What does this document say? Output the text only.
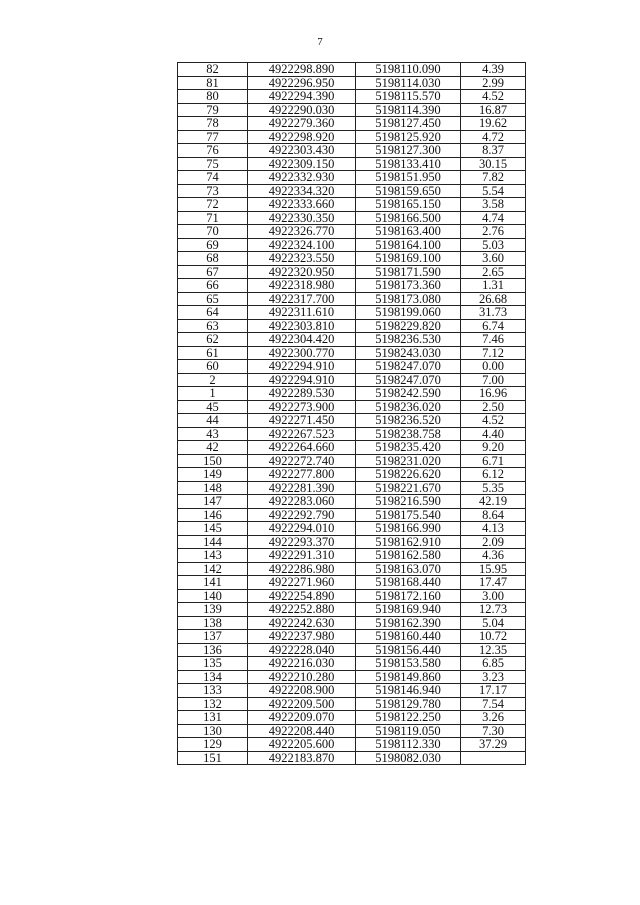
7
82	4922298.890	5198110.090	4.39
81	4922296.950	5198114.030	2.99
80	4922294.390	5198115.570	4.52
79	4922290.030	5198114.390	16.87
78	4922279.360	5198127.450	19.62
77	4922298.920	5198125.920	4.72
76	4922303.430	5198127.300	8.37
75	4922309.150	5198133.410	30.15
74	4922332.930	5198151.950	7.82
73	4922334.320	5198159.650	5.54
72	4922333.660	5198165.150	3.58
71	4922330.350	5198166.500	4.74
70	4922326.770	5198163.400	2.76
69	4922324.100	5198164.100	5.03
68	4922323.550	5198169.100	3.60
67	4922320.950	5198171.590	2.65
66	4922318.980	5198173.360	1.31
65	4922317.700	5198173.080	26.68
64	4922311.610	5198199.060	31.73
63	4922303.810	5198229.820	6.74
62	4922304.420	5198236.530	7.46
61	4922300.770	5198243.030	7.12
60	4922294.910	5198247.070	0.00
2	4922294.910	5198247.070	7.00
1	4922289.530	5198242.590	16.96
45	4922273.900	5198236.020	2.50
44	4922271.450	5198236.520	4.52
43	4922267.523	5198238.758	4.40
42	4922264.660	5198235.420	9.20
150	4922272.740	5198231.020	6.71
149	4922277.800	5198226.620	6.12
148	4922281.390	5198221.670	5.35
147	4922283.060	5198216.590	42.19
146	4922292.790	5198175.540	8.64
145	4922294.010	5198166.990	4.13
144	4922293.370	5198162.910	2.09
143	4922291.310	5198162.580	4.36
142	4922286.980	5198163.070	15.95
141	4922271.960	5198168.440	17.47
140	4922254.890	5198172.160	3.00
139	4922252.880	5198169.940	12.73
138	4922242.630	5198162.390	5.04
137	4922237.980	5198160.440	10.72
136	4922228.040	5198156.440	12.35
135	4922216.030	5198153.580	6.85
134	4922210.280	5198149.860	3.23
133	4922208.900	5198146.940	17.17
132	4922209.500	5198129.780	7.54
131	4922209.070	5198122.250	3.26
130	4922208.440	5198119.050	7.30
129	4922205.600	5198112.330	37.29
151	4922183.870	5198082.030	
